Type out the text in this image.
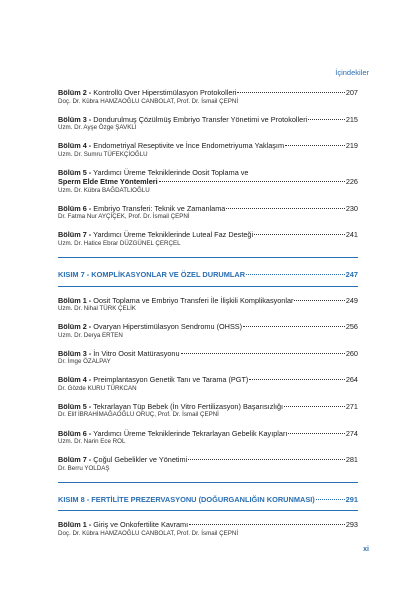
İçindekiler
Bölüm 2 - Kontrollü Over Hiperstimülasyon Protokolleri	207
Doç. Dr. Kübra HAMZAOĞLU CANBOLAT, Prof. Dr. İsmail ÇEPNİ
Bölüm 3 - Dondurulmuş Çözülmüş Embriyo Transfer Yönetimi ve Protokolleri	215
Uzm. Dr. Ayşe Özge ŞAVKLI
Bölüm 4 - Endometriyal Reseptivite ve İnce Endometriyuma Yaklaşım	219
Uzm. Dr. Sumru TÜFEKÇİOĞLU
Bölüm 5 - Yardımcı Üreme Tekniklerinde Oosit Toplama ve
Sperm Elde Etme Yöntemleri	226
Uzm. Dr. Kübra BAĞDATLIOĞLU
Bölüm 6 - Embriyo Transferi: Teknik ve Zamanlama	230
Dr. Fatma Nur AYÇİÇEK, Prof. Dr. İsmail ÇEPNİ
Bölüm 7 - Yardımcı Üreme Tekniklerinde Luteal Faz Desteği	241
Uzm. Dr. Hatice Ebrar DÜZGÜNEL ÇERÇEL
KISIM 7 - KOMPLİKASYONLAR VE ÖZEL DURUMLAR	247
Bölüm 1 - Oosit Toplama ve Embriyo Transferi İle İlişkili Komplikasyonlar	249
Uzm. Dr. Nihal TÜRK ÇELİK
Bölüm 2 - Ovaryan Hiperstimülasyon Sendromu (OHSS)	256
Uzm. Dr. Derya ERTEN
Bölüm 3 - İn Vitro Oosit Matürasyonu	260
Dr. İmge ÖZALPAY
Bölüm 4 - Preimplantasyon Genetik Tanı ve Tarama (PGT)	264
Dr. Gözde KURU TÜRKCAN
Bölüm 5 - Tekrarlayan Tüp Bebek (İn Vitro Fertilizasyon) Başarısızlığı	271
Dr. Elif İBRAHİMAĞAOĞLU ORUÇ, Prof. Dr. İsmail ÇEPNİ
Bölüm 6 - Yardımcı Üreme Tekniklerinde Tekrarlayan Gebelik Kayıpları	274
Uzm. Dr. Narin Ece ROL
Bölüm 7 - Çoğul Gebelikler ve Yönetimi	281
Dr. Berru YOLDAŞ
KISIM 8 - FERTİLİTE PREZERVASYONU (DOĞURGANLIĞIN KORUNMASI)	291
Bölüm 1 - Giriş ve Onkofertilite Kavramı	293
Doç. Dr. Kübra HAMZAOĞLU CANBOLAT, Prof. Dr. İsmail ÇEPNİ
xi
